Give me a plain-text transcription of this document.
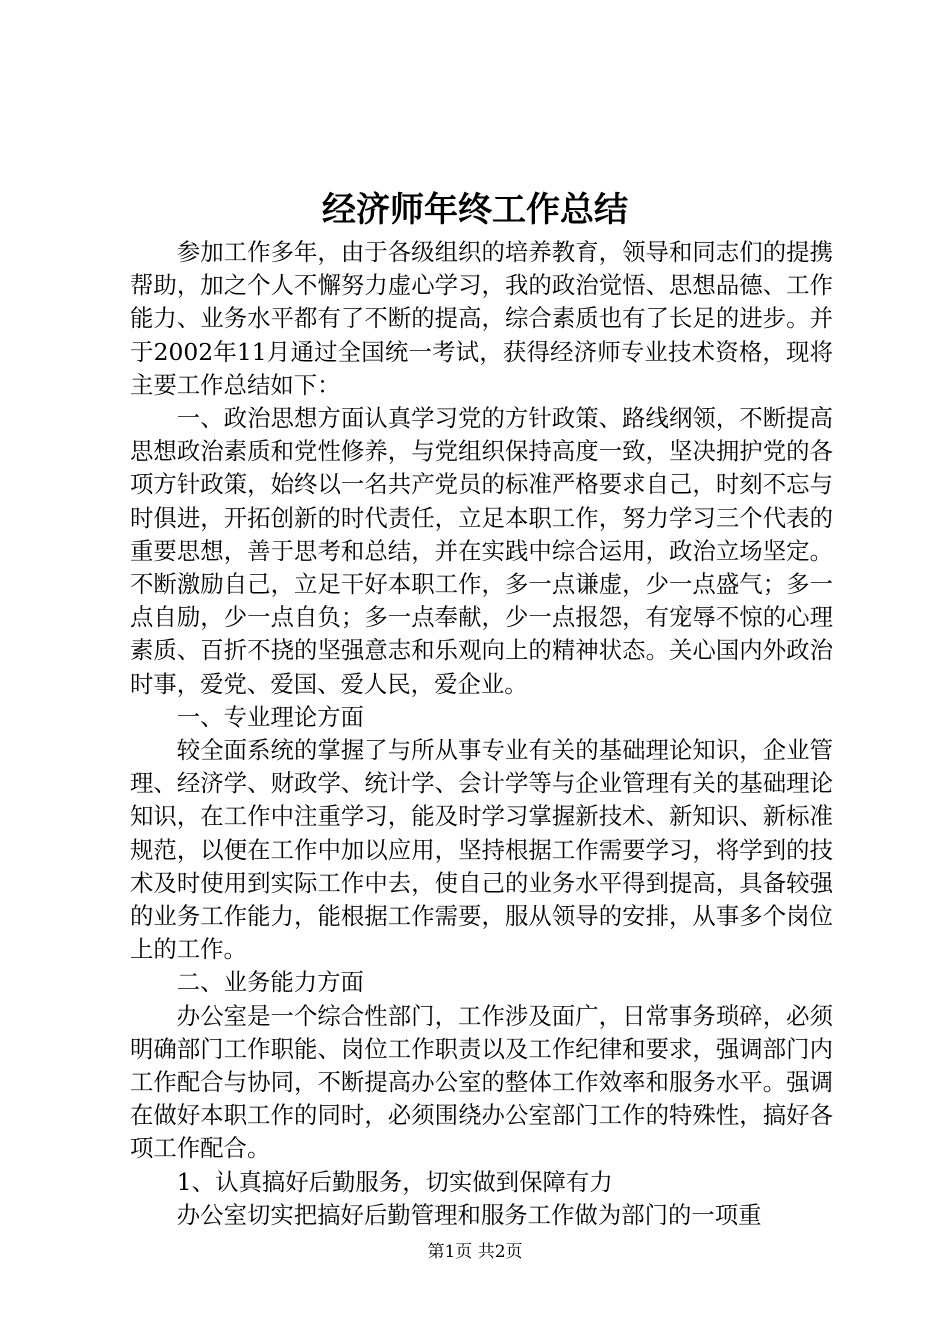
经济师年终工作总结

参加工作多年，由于各级组织的培养教育，领导和同志们的提携帮助，加之个人不懈努力虚心学习，我的政治觉悟、思想品德、工作能力、业务水平都有了不断的提高，综合素质也有了长足的进步。并于2002年11月通过全国统一考试，获得经济师专业技术资格，现将主要工作总结如下：

一、政治思想方面认真学习党的方针政策、路线纲领，不断提高思想政治素质和党性修养，与党组织保持高度一致，坚决拥护党的各项方针政策，始终以一名共产党员的标准严格要求自己，时刻不忘与时俱进，开拓创新的时代责任，立足本职工作，努力学习三个代表的重要思想，善于思考和总结，并在实践中综合运用，政治立场坚定。不断激励自己，立足干好本职工作，多一点谦虚，少一点盛气；多一点自励，少一点自负；多一点奉献，少一点报怨，有宠辱不惊的心理素质、百折不挠的坚强意志和乐观向上的精神状态。关心国内外政治时事，爱党、爱国、爱人民，爱企业。

一、专业理论方面

较全面系统的掌握了与所从事专业有关的基础理论知识，企业管理、经济学、财政学、统计学、会计学等与企业管理有关的基础理论知识，在工作中注重学习，能及时学习掌握新技术、新知识、新标准规范，以便在工作中加以应用，坚持根据工作需要学习，将学到的技术及时使用到实际工作中去，使自己的业务水平得到提高，具备较强的业务工作能力，能根据工作需要，服从领导的安排，从事多个岗位上的工作。

二、业务能力方面

办公室是一个综合性部门，工作涉及面广，日常事务琐碎，必须明确部门工作职能、岗位工作职责以及工作纪律和要求，强调部门内工作配合与协同，不断提高办公室的整体工作效率和服务水平。强调在做好本职工作的同时，必须围绕办公室部门工作的特殊性，搞好各项工作配合。

1、认真搞好后勤服务，切实做到保障有力

办公室切实把搞好后勤管理和服务工作做为部门的一项重

第1页 共2页
